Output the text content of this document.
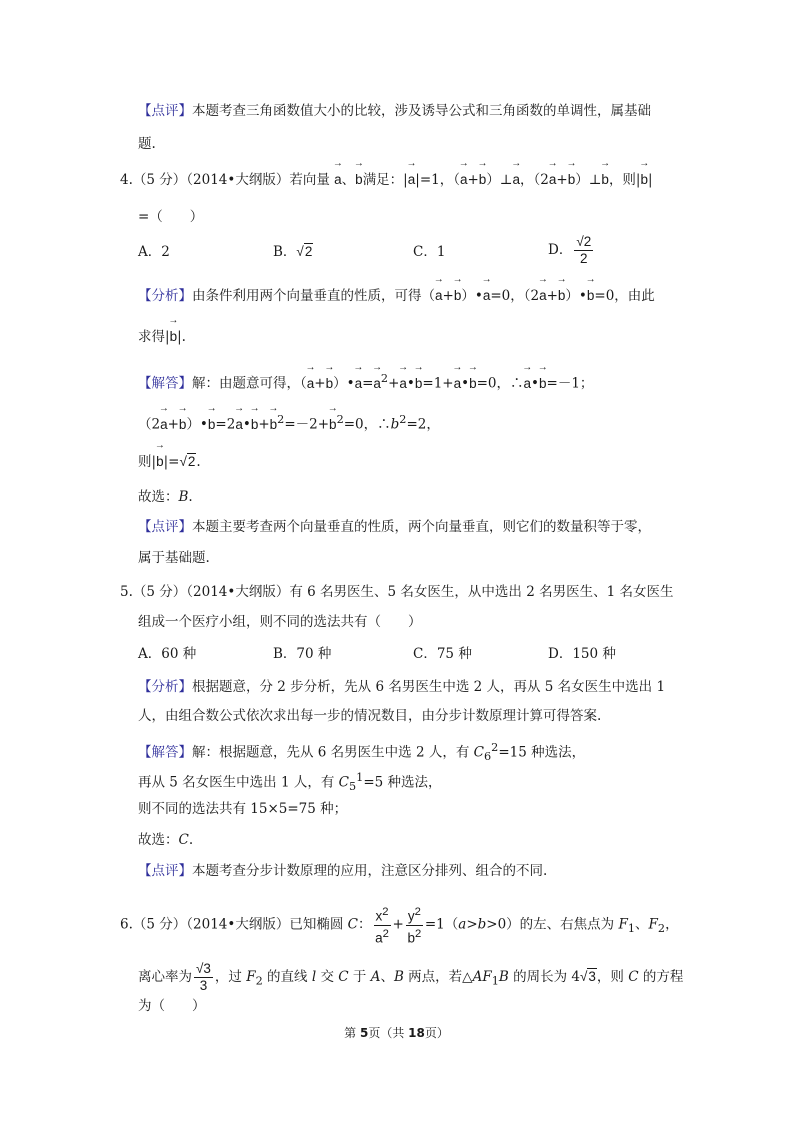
【点评】本题考查三角函数值大小的比较，涉及诱导公式和三角函数的单调性，属基础
题.
4.（5 分）（2014•大纲版）若向量 → a、→ b满足：|→ a|=1，（→ a+→ b）⊥→ a，（2→ a+→ b）⊥→ b，则|→ b|
=（　　）
A．2	B．√2	C．1	D． $\frac{√2}{2}$
【分析】由条件利用两个向量垂直的性质，可得（→ a+→ b）•→ a=0，（2→ a+→ b）•→ b=0，由此
求得|→ b|.
【解答】解：由题意可得，（→ a+→ b）•→ $a=\to a^2+\to$ a•→ b=1+→ a•→ b=0，∴→ a•→ b=－1；
（2→ a+→ b）•→ b=2→ a•→ $b+\to b^2=-2+\to b^2=0$，$\therefore b^2=2$，
则|→ b|=√2.
故选：B.
【点评】本题主要考查两个向量垂直的性质，两个向量垂直，则它们的数量积等于零，
属于基础题.
5.（5 分）（2014•大纲版）有 6 名男医生、5 名女医生，从中选出 2 名男医生、1 名女医生
组成一个医疗小组，则不同的选法共有（　　）
A．60 种	B．70 种	C．75 种	D．150 种
【分析】根据题意，分 2 步分析，先从 6 名男医生中选 2 人，再从 5 名女医生中选出 1
人，由组合数公式依次求出每一步的情况数目，由分步计数原理计算可得答案.
【解答】解：根据题意，先从 6 名男医生中选 2 人，有 $C_6^2=15$ 种选法，
再从 5 名女医生中选出 1 人，有 $C_5^1=5$ 种选法，
则不同的选法共有 15×5=75 种；
故选：C.
【点评】本题考查分步计数原理的应用，注意区分排列、组合的不同.
6.（5 分）（2014•大纲版）已知椭圆 C： $\frac{x^2}{a^2} + \frac{y^2}{b^2} =1(a>b>0)$的左、右焦点为 $F_1$、$F_2$，
离心率为 $\frac{√3}{3}$ ，过 $F_2$ 的直线 l 交 C 于 A、B 两点，若$\triangle AF_1B$ 的周长为 4√3，则 C 的方程
为（　　）
第 5页（共 18页）
